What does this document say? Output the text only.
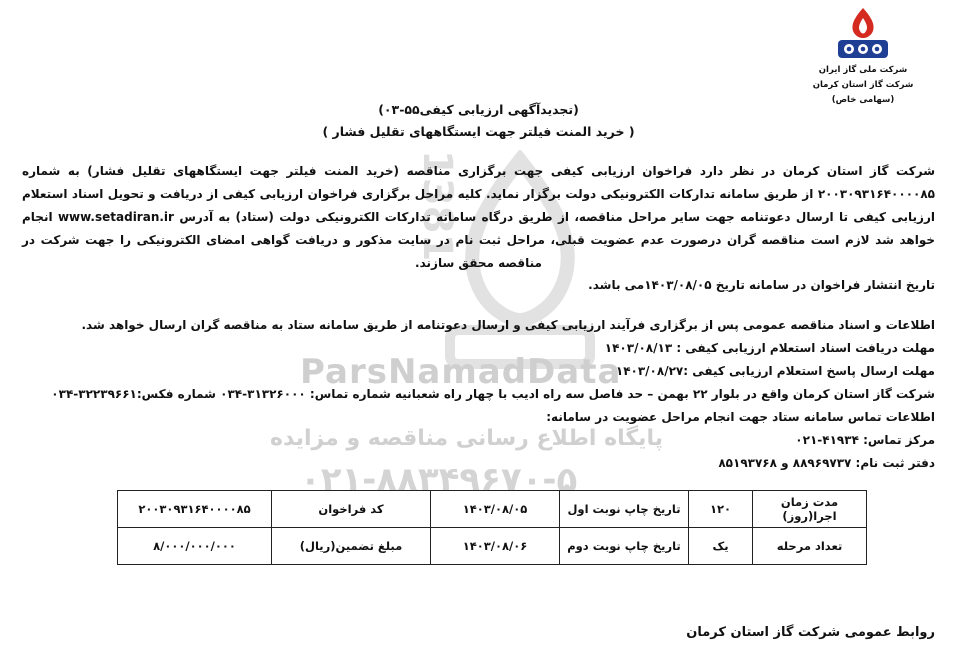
1381
ParsNamadData
پایگاه اطلاع رسانی مناقصه و مزایده
۰۲۱-۸۸۳۴۹۶۷۰-۵
شرکت ملی گاز ایران
شرکت گاز استان کرمان
(سهامی خاص)
(تجدیدآگهی ارزیابی کیفی۵۵-۰۳)
( خرید المنت فیلتر جهت ایستگاههای تقلیل فشار )
شرکت گاز استان کرمان در نظر دارد فراخوان ارزیابی کیفی جهت برگزاری مناقصه (خرید المنت فیلتر جهت ایستگاههای تقلیل فشار) به شماره ۲۰۰۳۰۹۳۱۶۴۰۰۰۰۸۵ از طریق سامانه تدارکات الکترونیکی دولت برگزار نماید. کلیه مراحل برگزاری فراخوان ارزیابی کیفی از دریافت و تحویل اسناد استعلام ارزیابی کیفی تا ارسال دعوتنامه جهت سایر مراحل مناقصه، از طریق درگاه سامانه تدارکات الکترونیکی دولت (ستاد) به آدرس www.setadiran.ir انجام خواهد شد لازم است مناقصه گران درصورت عدم عضویت قبلی، مراحل ثبت نام در سایت مذکور و دریافت گواهی امضای الکترونیکی را جهت شرکت در مناقصه محقق سازند.
تاریخ انتشار فراخوان در سامانه تاریخ ۱۴۰۳/۰۸/۰۵می باشد.
اطلاعات و اسناد مناقصه عمومی پس از برگزاری فرآیند ارزیابی کیفی و ارسال دعوتنامه از طریق سامانه ستاد به مناقصه گران ارسال خواهد شد.
مهلت دریافت اسناد استعلام ارزیابی کیفی : ۱۴۰۳/۰۸/۱۳
مهلت ارسال پاسخ استعلام ارزیابی کیفی :۱۴۰۳/۰۸/۲۷
شرکت گاز استان کرمان واقع در بلوار ۲۲ بهمن – حد فاصل سه راه ادیب با چهار راه شعبانیه شماره تماس: ۳۱۳۲۶۰۰۰-۰۳۴ شماره فکس:۳۲۲۳۹۶۶۱-۰۳۴
اطلاعات تماس سامانه ستاد جهت انجام مراحل عضویت در سامانه:
مرکز تماس: ۴۱۹۳۴-۰۲۱
دفتر ثبت نام: ۸۸۹۶۹۷۳۷ و ۸۵۱۹۳۷۶۸
مدت زمان اجرا(روز)	۱۲۰	تاریخ چاپ نوبت اول	۱۴۰۳/۰۸/۰۵	کد فراخوان	۲۰۰۳۰۹۳۱۶۴۰۰۰۰۸۵
تعداد مرحله	یک	تاریخ چاپ نوبت دوم	۱۴۰۳/۰۸/۰۶	مبلغ تضمین(ریال)	۸/۰۰۰/۰۰۰/۰۰۰
روابط عمومی شرکت گاز استان کرمان
